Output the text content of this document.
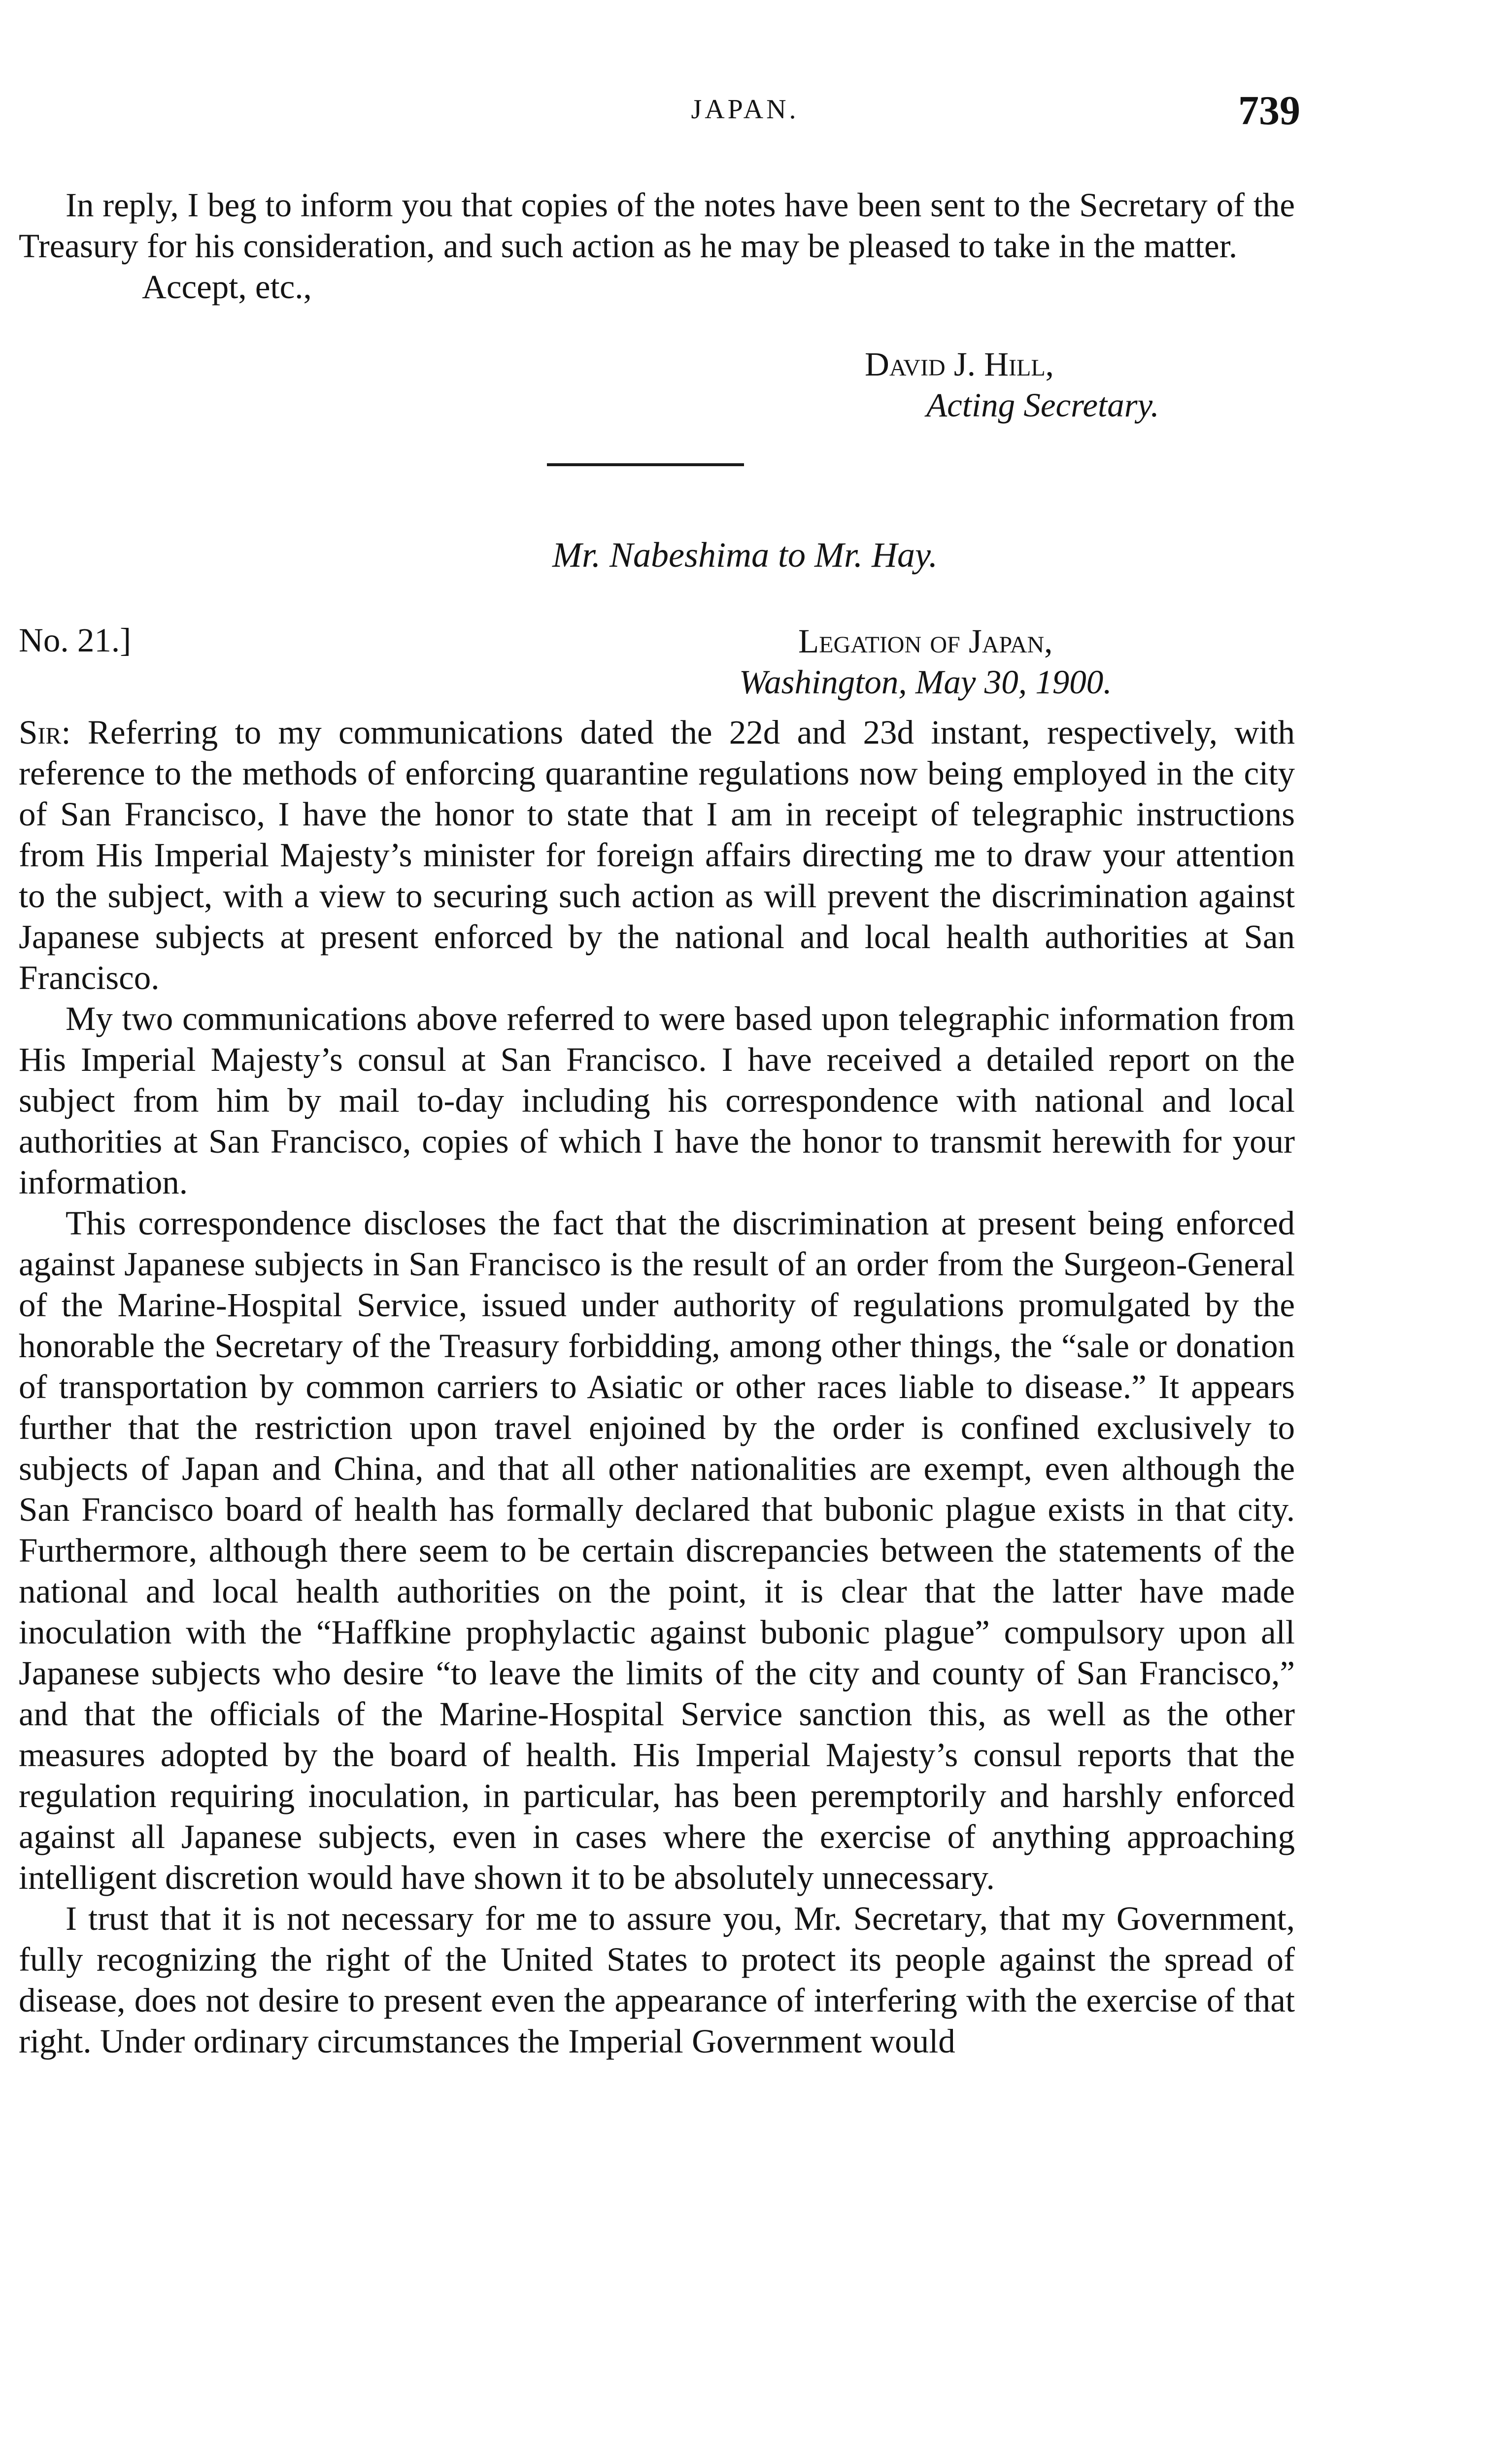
JAPAN.	739

In reply, I beg to inform you that copies of the notes have been sent to the Secretary of the Treasury for his consideration, and such action as he may be pleased to take in the matter.

Accept, etc.,

David J. Hill,
Acting Secretary.
Mr. Nabeshima to Mr. Hay.
No. 21.]	Legation of Japan,
Washington, May 30, 1900.

Sir: Referring to my communications dated the 22d and 23d instant, respectively, with reference to the methods of enforcing quarantine regulations now being employed in the city of San Francisco, I have the honor to state that I am in receipt of telegraphic instructions from His Imperial Majesty’s minister for foreign affairs directing me to draw your attention to the subject, with a view to securing such action as will prevent the discrimination against Japanese subjects at present enforced by the national and local health authorities at San Francisco.

My two communications above referred to were based upon telegraphic information from His Imperial Majesty’s consul at San Francisco. I have received a detailed report on the subject from him by mail to-day including his correspondence with national and local authorities at San Francisco, copies of which I have the honor to transmit herewith for your information.

This correspondence discloses the fact that the discrimination at present being enforced against Japanese subjects in San Francisco is the result of an order from the Surgeon-General of the Marine-Hospital Service, issued under authority of regulations promulgated by the honorable the Secretary of the Treasury forbidding, among other things, the “sale or donation of transportation by common carriers to Asiatic or other races liable to disease.” It appears further that the restriction upon travel enjoined by the order is confined exclusively to subjects of Japan and China, and that all other nationalities are exempt, even although the San Francisco board of health has formally declared that bubonic plague exists in that city. Furthermore, although there seem to be certain discrepancies between the statements of the national and local health authorities on the point, it is clear that the latter have made inoculation with the “Haffkine prophylactic against bubonic plague” compulsory upon all Japanese subjects who desire “to leave the limits of the city and county of San Francisco,” and that the officials of the Marine-Hospital Service sanction this, as well as the other measures adopted by the board of health. His Imperial Majesty’s consul reports that the regulation requiring inoculation, in particular, has been peremptorily and harshly enforced against all Japanese subjects, even in cases where the exercise of anything approaching intelligent discretion would have shown it to be absolutely unnecessary.

I trust that it is not necessary for me to assure you, Mr. Secretary, that my Government, fully recognizing the right of the United States to protect its people against the spread of disease, does not desire to present even the appearance of interfering with the exercise of that right. Under ordinary circumstances the Imperial Government would
